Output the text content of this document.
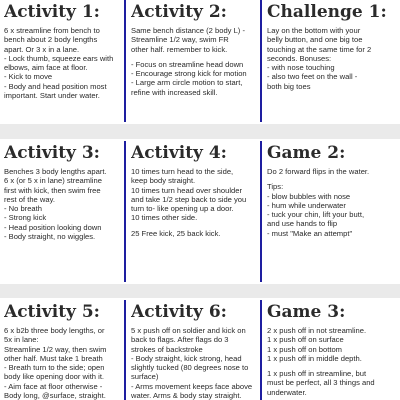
Activity 1:
6 x streamline from bench to
bench about 2 body lengths
apart. Or 3 x in a lane.
- Lock thumb, squeeze ears with
elbows, aim face at floor.
- Kick to move
- Body and head position most
important. Start under water.
Activity 2:
Same bench distance (2 body L) -
Streamline 1/2 way, swim FR
other half. remember to kick.
- Focus on streamline head down
- Encourage strong kick for motion
- Large arm circle motion to start,
refine with increased skill.
Challenge 1:
Lay on the bottom with your
belly button, and one big toe
touching at the same time for 2
seconds. Bonuses:
- with nose touching
- also two feet on the wall -
both big toes
Activity 3:
Benches 3 body lengths apart.
6 x (or 5 x in lane) streamline
first with kick, then swim free
rest of the way.
- No breath
- Strong kick
- Head position looking down
- Body straight, no wiggles.
Activity 4:
10 times turn head to the side,
keep body straight.
10 times turn head over shoulder
and take 1/2 step back to side you
turn to- like opening up a door.
10 times other side.
25 Free kick, 25 back kick.
Game 2:
Do 2 forward flips in the water.
Tips:
- blow bubbles with nose
- hum while underwater
- tuck your chin, lift your butt,
and use hands to flip
- must "Make an attempt"
Activity 5:
6 x b2b three body lengths, or
5x in lane:
Streamline 1/2 way, then swim
other half. Must take 1 breath
- Breath turn to the side; open
body like opening door with it.
- Aim face at floor otherwise -
Body long, @surface, straight.
Activity 6:
5 x push off on soldier and kick on
back to flags. After flags do 3
strokes of backstroke
- Body straight, kick strong, head
slightly tucked (80 degrees nose to
surface)
- Arms movement keeps face above
water. Arms & body stay straight.
Game 3:
2 x push off in not streamline.
1 x push off on surface
1 x push off on bottom
1 x push off in middle depth.
1 x push off in streamline, but
must be perfect, all 3 things and
underwater.
